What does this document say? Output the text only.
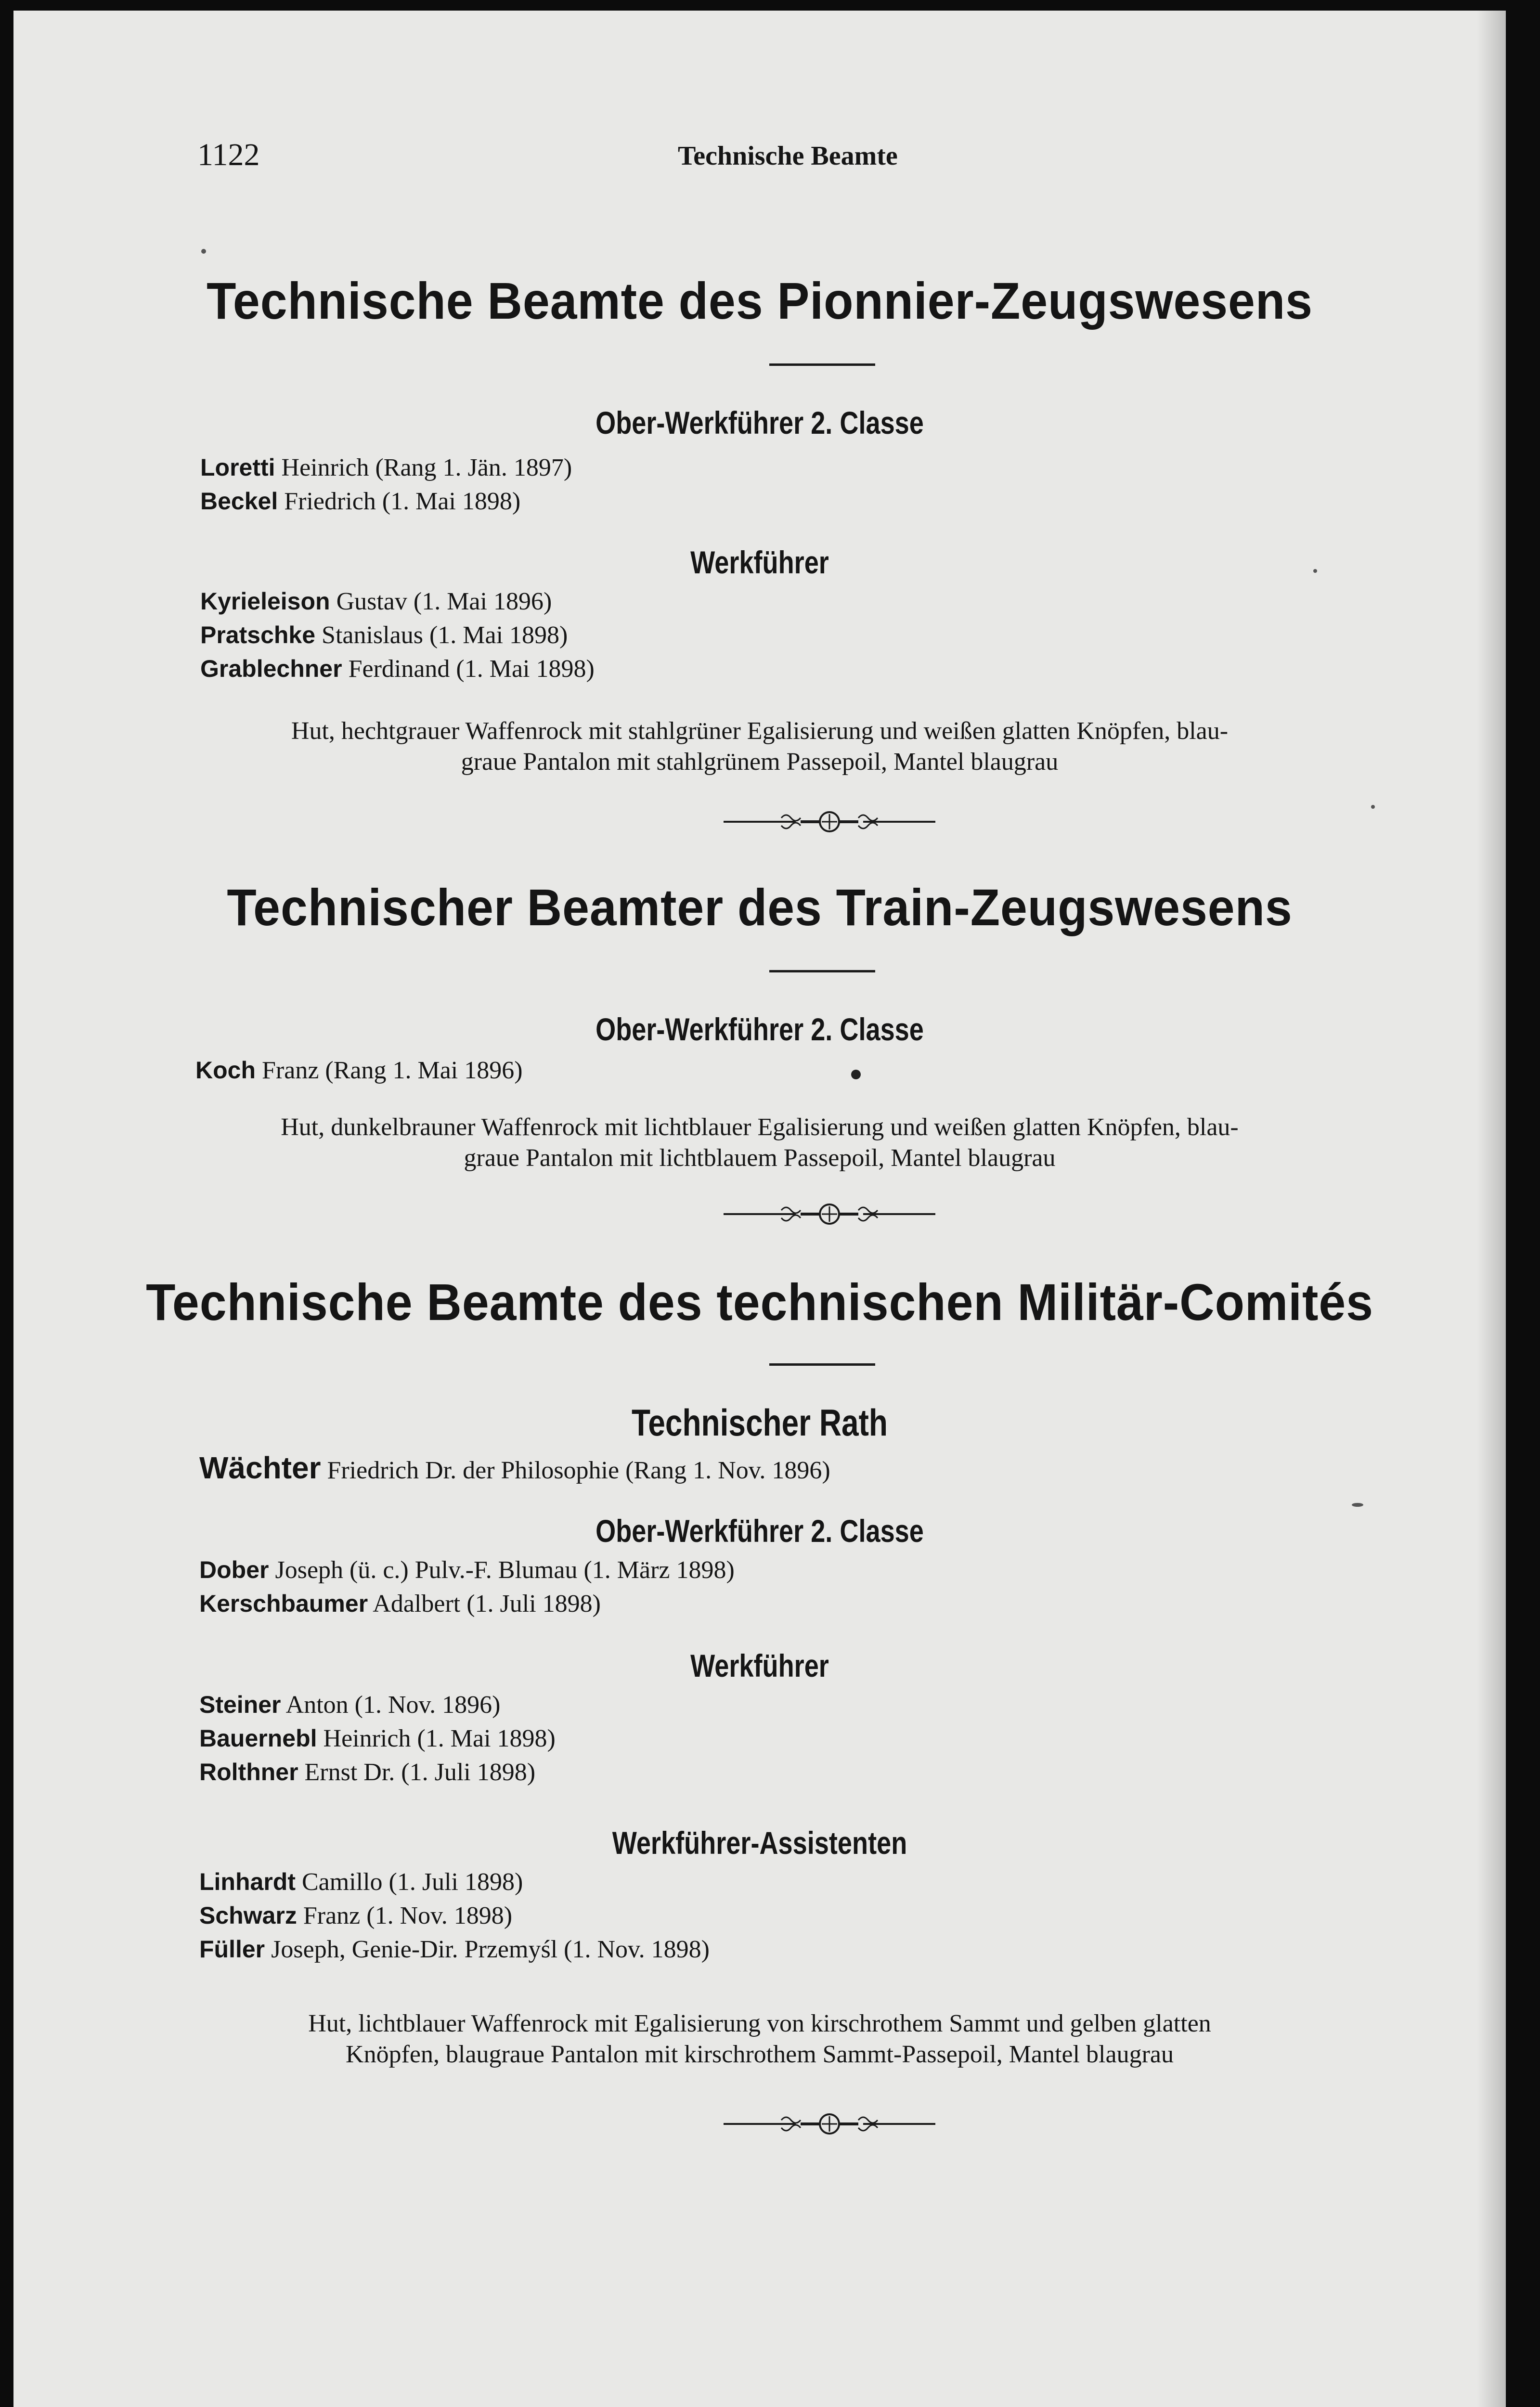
1122	Technische Beamte
Technische Beamte des Pionnier-Zeugswesens
Ober-Werkführer 2. Classe
Loretti Heinrich (Rang 1. Jän. 1897)
Beckel Friedrich (1. Mai 1898)
Werkführer
Kyrieleison Gustav (1. Mai 1896)
Pratschke Stanislaus (1. Mai 1898)
Grablechner Ferdinand (1. Mai 1898)
Hut, hechtgrauer Waffenrock mit stahlgrüner Egalisierung und weißen glatten Knöpfen, blau-
graue Pantalon mit stahlgrünem Passepoil, Mantel blaugrau
Technischer Beamter des Train-Zeugswesens
Ober-Werkführer 2. Classe
Koch Franz (Rang 1. Mai 1896)
Hut, dunkelbrauner Waffenrock mit lichtblauer Egalisierung und weißen glatten Knöpfen, blau-
graue Pantalon mit lichtblauem Passepoil, Mantel blaugrau
Technische Beamte des technischen Militär-Comités
Technischer Rath
Wächter Friedrich Dr. der Philosophie (Rang 1. Nov. 1896)
Ober-Werkführer 2. Classe
Dober Joseph (ü. c.) Pulv.-F. Blumau (1. März 1898)
Kerschbaumer Adalbert (1. Juli 1898)
Werkführer
Steiner Anton (1. Nov. 1896)
Bauernebl Heinrich (1. Mai 1898)
Rolthner Ernst Dr. (1. Juli 1898)
Werkführer-Assistenten
Linhardt Camillo (1. Juli 1898)
Schwarz Franz (1. Nov. 1898)
Füller Joseph, Genie-Dir. Przemyśl (1. Nov. 1898)
Hut, lichtblauer Waffenrock mit Egalisierung von kirschrothem Sammt und gelben glatten
Knöpfen, blaugraue Pantalon mit kirschrothem Sammt-Passepoil, Mantel blaugrau
